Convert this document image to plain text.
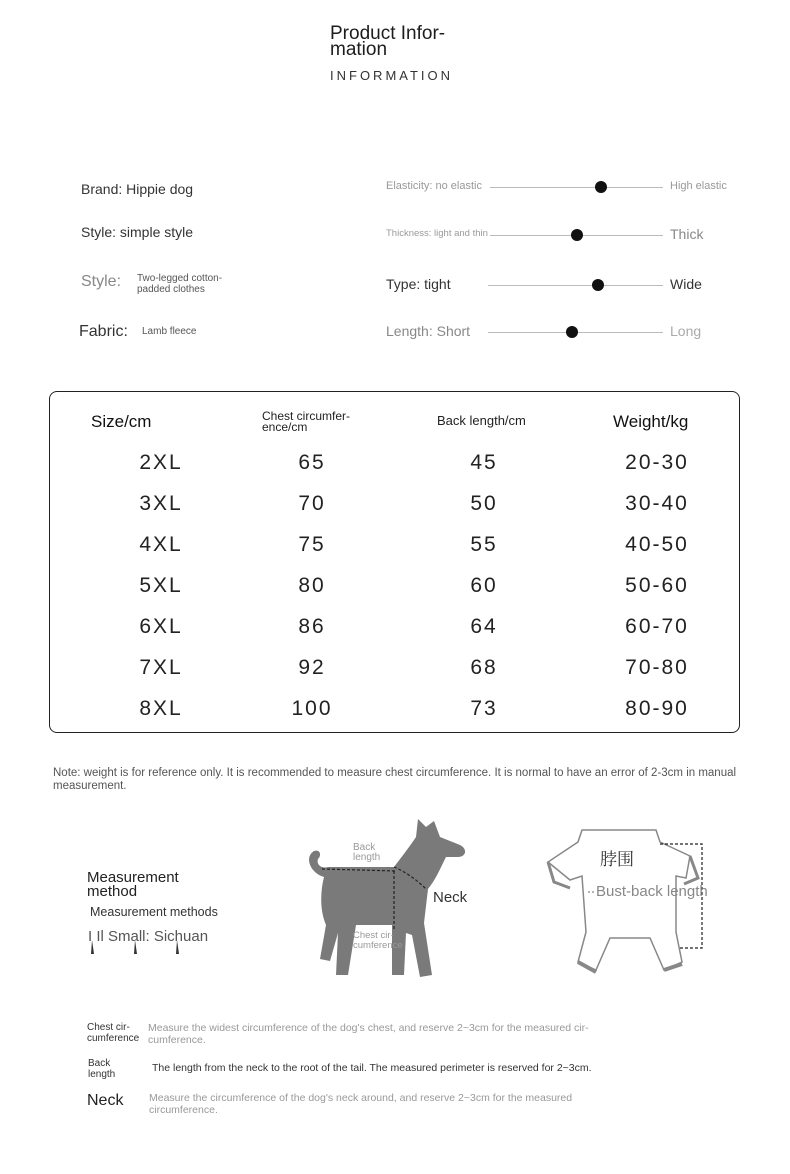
Product Infor-mation
INFORMATION
Brand: Hippie dog
Style: simple style
Style: Two-legged cotton-padded clothes
Fabric: Lamb fleece
Elasticity: no elastic	High elastic
Thickness: light and thin	Thick
Type: tight	Wide
Length: Short	Long
Size/cm	Chest circumfer-ence/cm	Back length/cm	Weight/kg
2XL	65	45	20-30
3XL	70	50	30-40
4XL	75	55	40-50
5XL	80	60	50-60
6XL	86	64	60-70
7XL	92	68	70-80
8XL	100	73	80-90
Note: weight is for reference only. It is recommended to measure chest circumference. It is normal to have an error of 2-3cm in manual measurement.
Measurement method
Measurement methods
I Il Small: Sichuan
Back length
Neck
Chest cir-cumference
脖围
Bust-back length
Chest cir-cumference
Measure the widest circumference of the dog's chest, and reserve 2~3cm for the measured cir-cumference.
Back length
The length from the neck to the root of the tail. The measured perimeter is reserved for 2~3cm.
Neck Measure the circumference of the dog's neck around, and reserve 2~3cm for the measured circumference.
